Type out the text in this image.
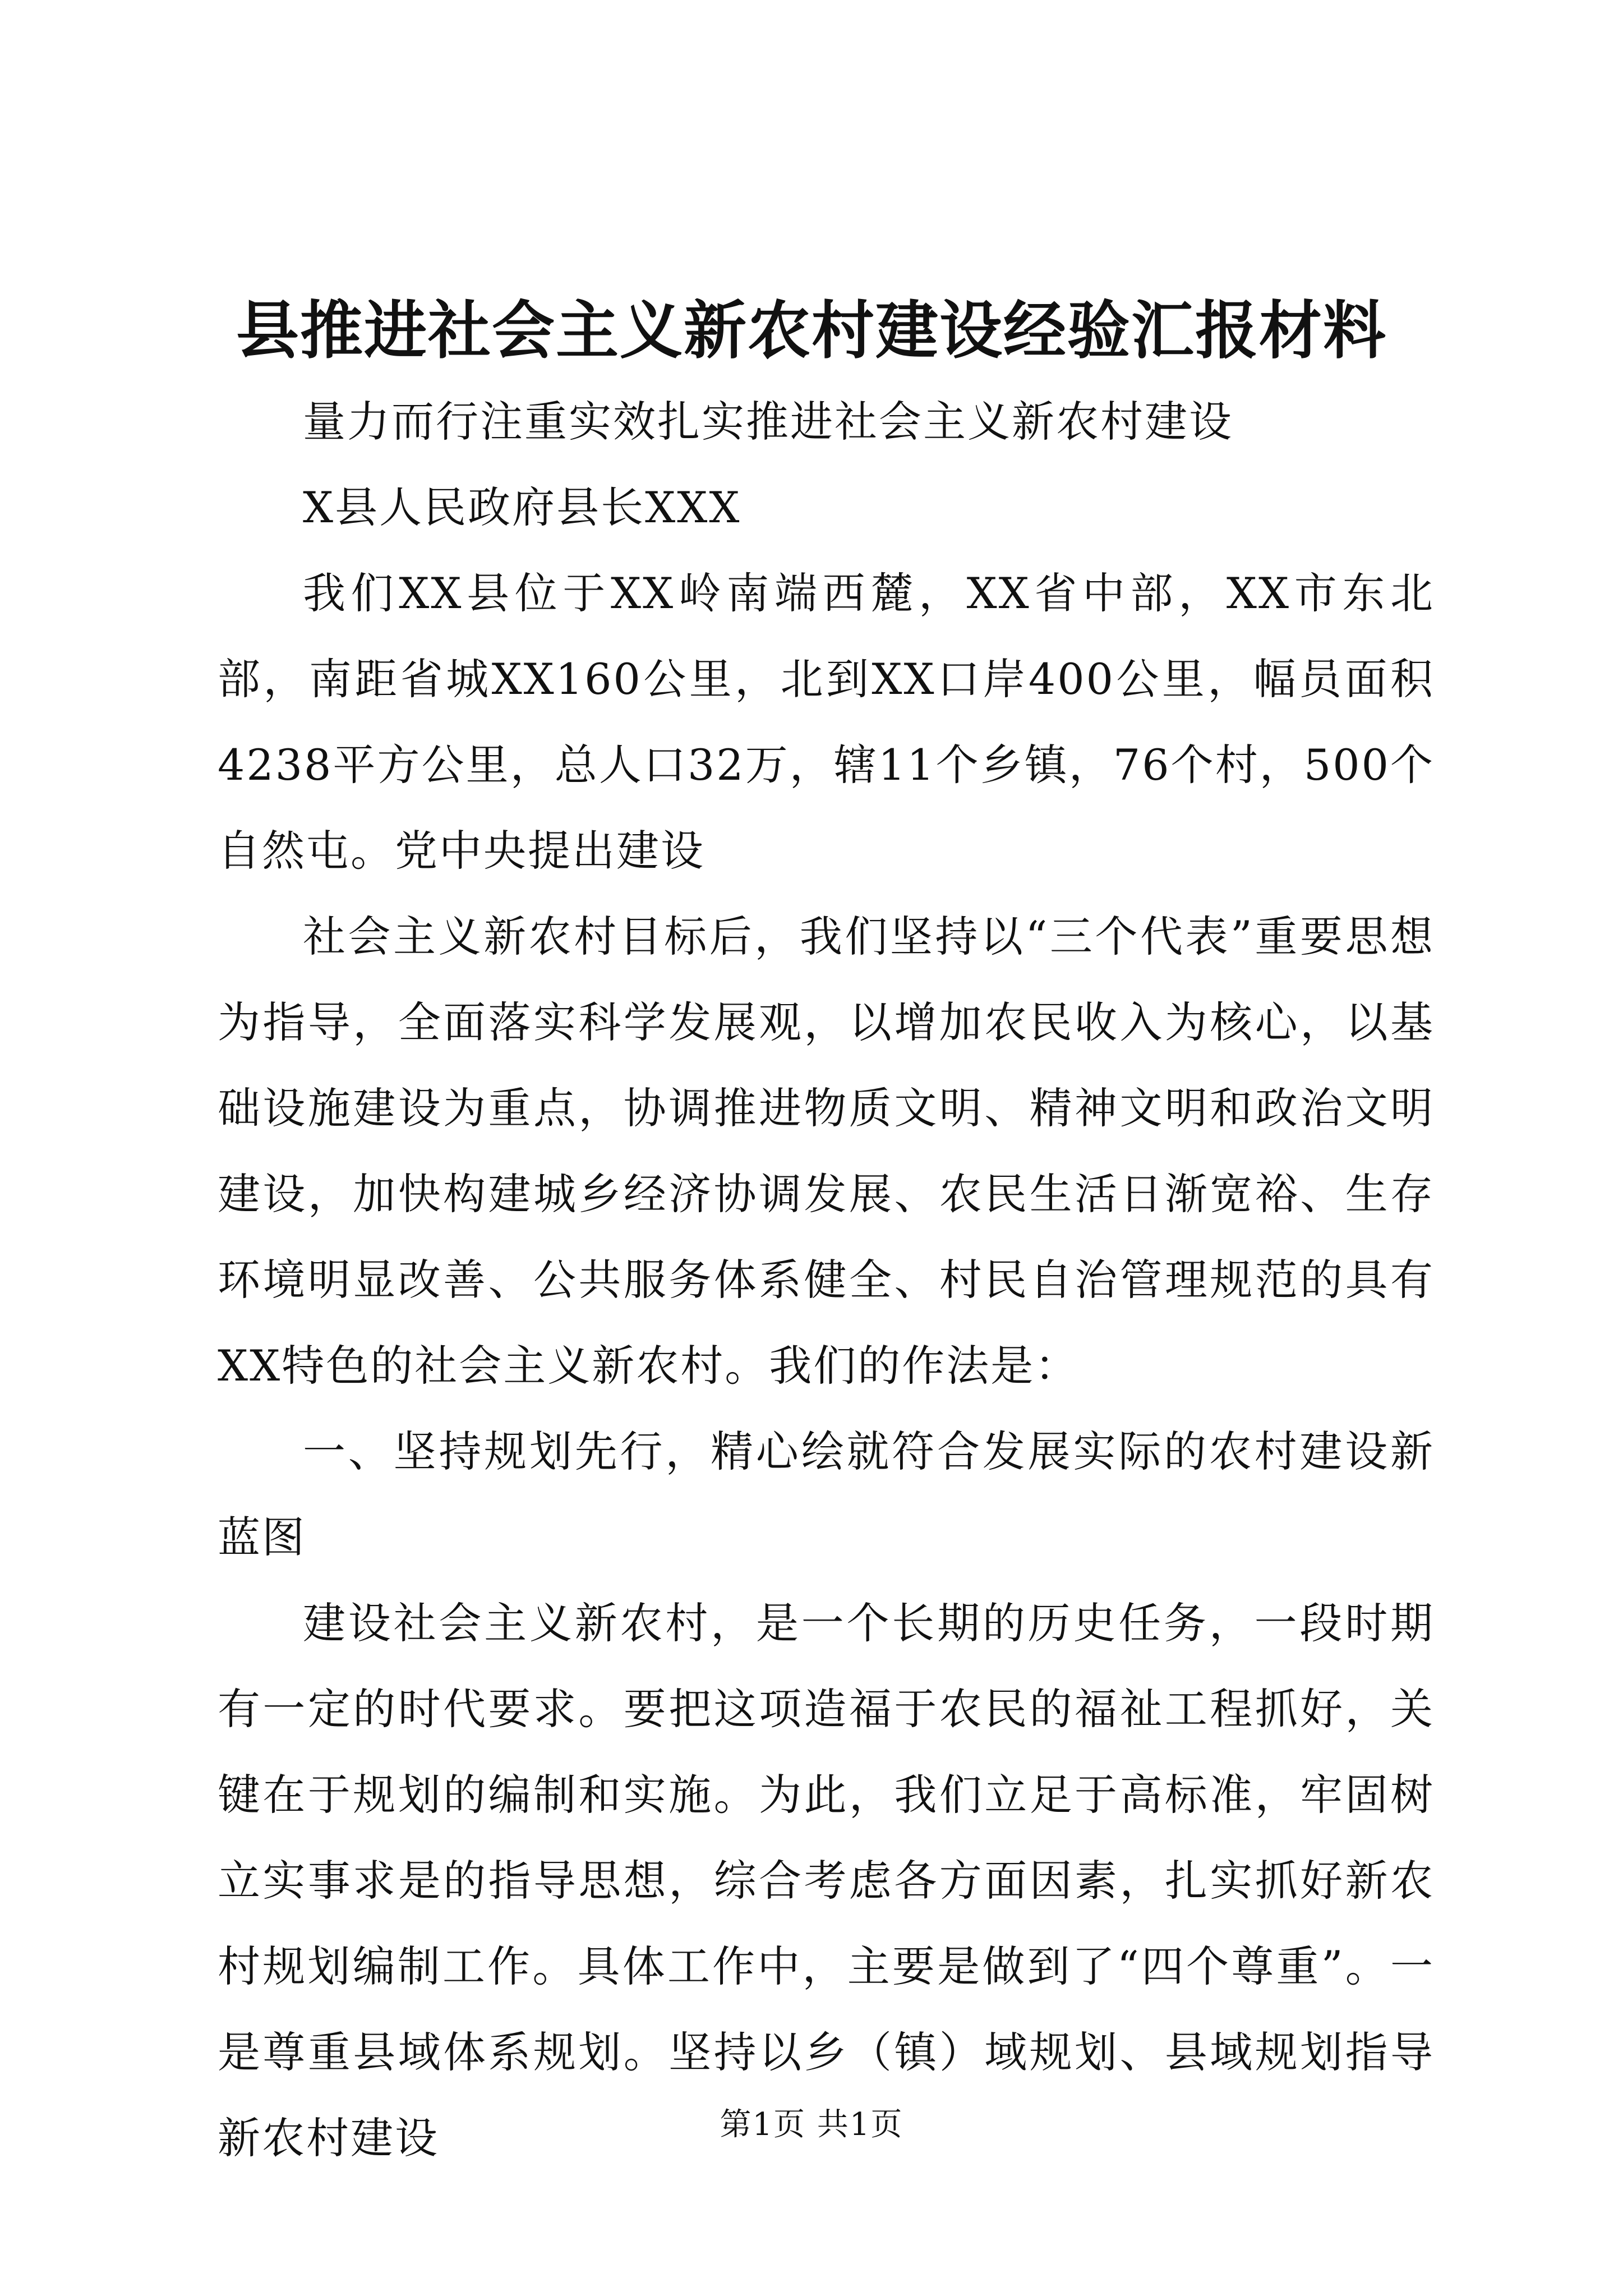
县推进社会主义新农村建设经验汇报材料

量力而行注重实效扎实推进社会主义新农村建设

X县人民政府县长XXX

我们XX县位于XX岭南端西麓，XX省中部，XX市东北部，南距省城XX160公里，北到XX口岸400公里，幅员面积4238平方公里，总人口32万，辖11个乡镇，76个村，500个自然屯。党中央提出建设

社会主义新农村目标后，我们坚持以“三个代表”重要思想为指导，全面落实科学发展观，以增加农民收入为核心，以基础设施建设为重点，协调推进物质文明、精神文明和政治文明建设，加快构建城乡经济协调发展、农民生活日渐宽裕、生存环境明显改善、公共服务体系健全、村民自治管理规范的具有XX特色的社会主义新农村。我们的作法是：

一、坚持规划先行，精心绘就符合发展实际的农村建设新蓝图

建设社会主义新农村，是一个长期的历史任务，一段时期有一定的时代要求。要把这项造福于农民的福祉工程抓好，关键在于规划的编制和实施。为此，我们立足于高标准，牢固树立实事求是的指导思想，综合考虑各方面因素，扎实抓好新农村规划编制工作。具体工作中，主要是做到了“四个尊重”。一是尊重县域体系规划。坚持以乡（镇）域规划、县域规划指导新农村建设	第1页 共1页
